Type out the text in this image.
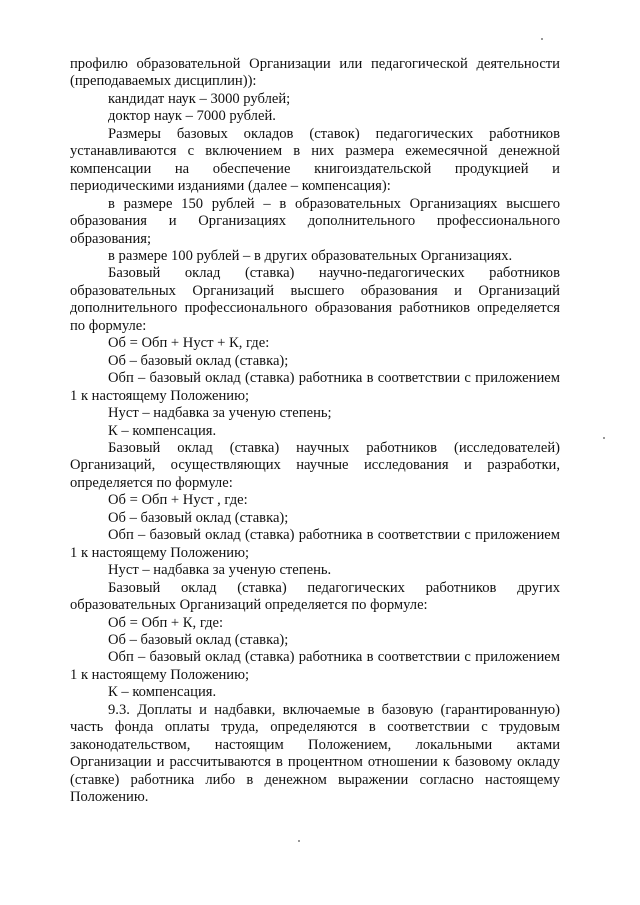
профилю образовательной Организации или педагогической деятельности (преподаваемых дисциплин)):

кандидат наук – 3000 рублей;

доктор наук – 7000 рублей.

Размеры базовых окладов (ставок) педагогических работников устанавливаются с включением в них размера ежемесячной денежной компенсации на обеспечение книгоиздательской продукцией и периодическими изданиями (далее – компенсация):

в размере 150 рублей – в образовательных Организациях высшего образования и Организациях дополнительного профессионального образования;

в размере 100 рублей – в других образовательных Организациях.

Базовый оклад (ставка) научно-педагогических работников образовательных Организаций высшего образования и Организаций дополнительного профессионального образования работников определяется по формуле:

Об = Обп + Нуст + К, где:

Об – базовый оклад (ставка);

Обп – базовый оклад (ставка) работника в соответствии с приложением 1 к настоящему Положению;

Нуст – надбавка за ученую степень;

К – компенсация.

Базовый оклад (ставка) научных работников (исследователей) Организаций, осуществляющих научные исследования и разработки, определяется по формуле:

Об = Обп + Нуст , где:

Об – базовый оклад (ставка);

Обп – базовый оклад (ставка) работника в соответствии с приложением 1 к настоящему Положению;

Нуст – надбавка за ученую степень.

Базовый оклад (ставка) педагогических работников других образовательных Организаций определяется по формуле:

Об = Обп + К, где:

Об – базовый оклад (ставка);

Обп – базовый оклад (ставка) работника в соответствии с приложением 1 к настоящему Положению;

К – компенсация.

9.3. Доплаты и надбавки, включаемые в базовую (гарантированную) часть фонда оплаты труда, определяются в соответствии с трудовым законодательством, настоящим Положением, локальными актами Организации и рассчитываются в процентном отношении к базовому окладу (ставке) работника либо в денежном выражении согласно настоящему Положению.
